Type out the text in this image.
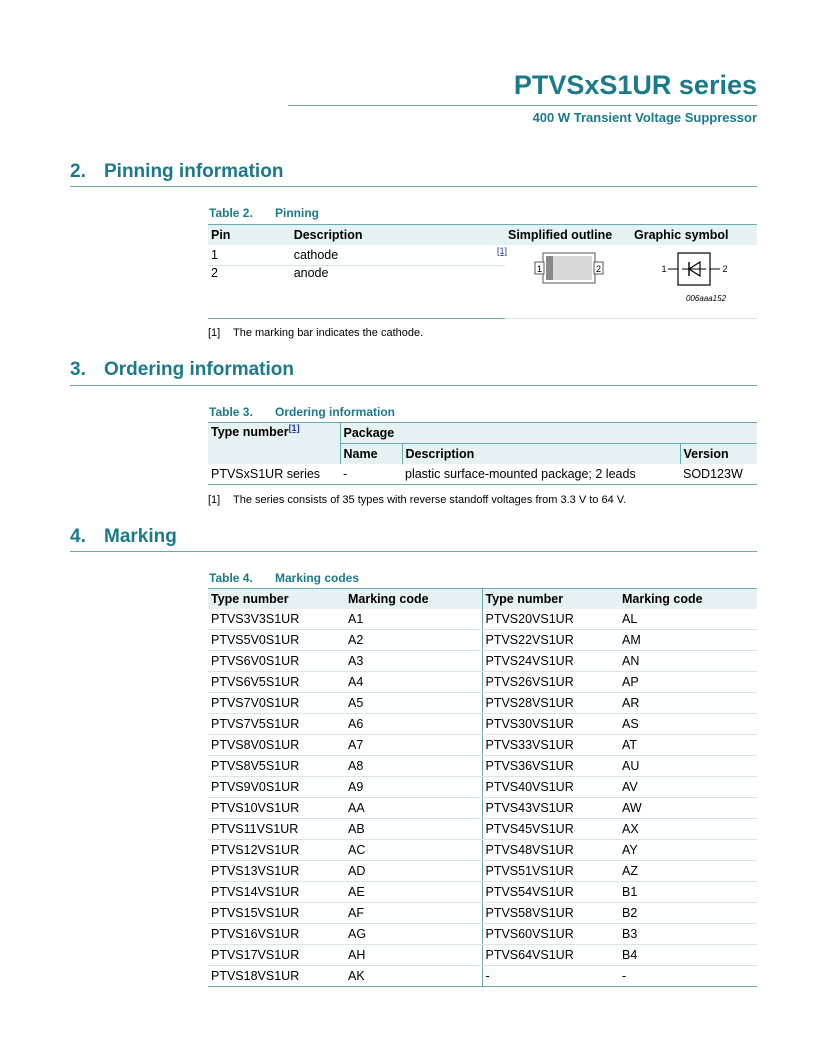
PTVSxS1UR series
400 W Transient Voltage Suppressor
2. Pinning information
Table 2. Pinning
Pin	Description	Simplified outline	Graphic symbol
1	cathode [1]	1 2	1 2
006aaa152

2	anode		

[1] The marking bar indicates the cathode.
3. Ordering information
Table 3. Ordering information
Type number[1]	Package		
	Name	Description	Version
PTVSxS1UR series	-	plastic surface-mounted package; 2 leads	SOD123W
[1] The series consists of 35 types with reverse standoff voltages from 3.3 V to 64 V.
4. Marking
Table 4. Marking codes
Type number	Marking code	Type number	Marking code
PTVS3V3S1UR	A1	PTVS20VS1UR	AL
PTVS5V0S1UR	A2	PTVS22VS1UR	AM
PTVS6V0S1UR	A3	PTVS24VS1UR	AN
PTVS6V5S1UR	A4	PTVS26VS1UR	AP
PTVS7V0S1UR	A5	PTVS28VS1UR	AR
PTVS7V5S1UR	A6	PTVS30VS1UR	AS
PTVS8V0S1UR	A7	PTVS33VS1UR	AT
PTVS8V5S1UR	A8	PTVS36VS1UR	AU
PTVS9V0S1UR	A9	PTVS40VS1UR	AV
PTVS10VS1UR	AA	PTVS43VS1UR	AW
PTVS11VS1UR	AB	PTVS45VS1UR	AX
PTVS12VS1UR	AC	PTVS48VS1UR	AY
PTVS13VS1UR	AD	PTVS51VS1UR	AZ
PTVS14VS1UR	AE	PTVS54VS1UR	B1
PTVS15VS1UR	AF	PTVS58VS1UR	B2
PTVS16VS1UR	AG	PTVS60VS1UR	B3
PTVS17VS1UR	AH	PTVS64VS1UR	B4
PTVS18VS1UR	AK	-	-
